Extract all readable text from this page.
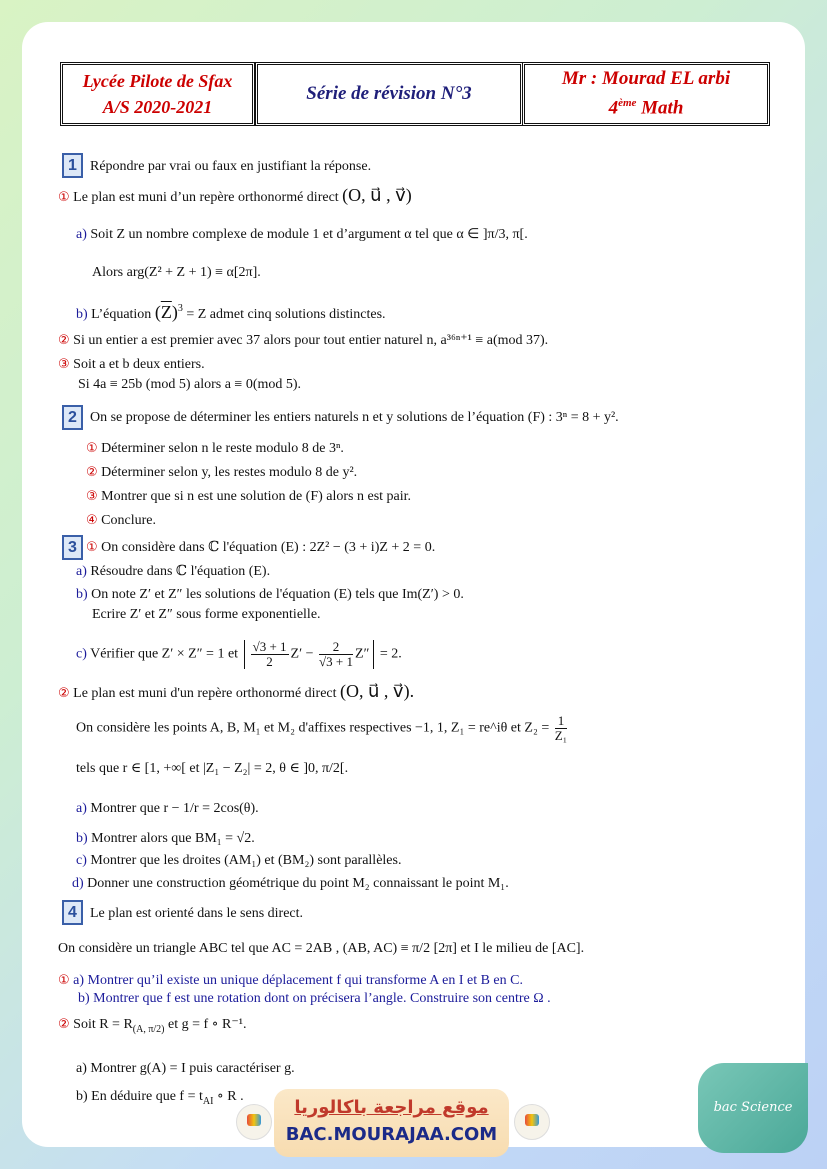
Lycée Pilote de Sfax
A/S 2020-2021
Série de révision N°3
Mr : Mourad EL arbi
4ème Math
1 Répondre par vrai ou faux en justifiant la réponse.
① Le plan est muni d’un repère orthonormé direct (O, u⃗ , v⃗)
a) Soit Z un nombre complexe de module 1 et d’argument α tel que α ∈ ]π/3, π[.
Alors arg(Z² + Z + 1) ≡ α[2π].
b) L’équation $(\overline{Z})^3 = Z$ admet cinq solutions distinctes.
② Si un entier a est premier avec 37 alors pour tout entier naturel n, a³⁶ⁿ⁺¹ ≡ a(mod 37).
③ Soit a et b deux entiers.
Si 4a ≡ 25b (mod 5) alors a ≡ 0(mod 5).
2 On se propose de déterminer les entiers naturels n et y solutions de l’équation (F) : 3ⁿ = 8 + y².
① Déterminer selon n le reste modulo 8 de 3ⁿ.
② Déterminer selon y, les restes modulo 8 de y².
③ Montrer que si n est une solution de (F) alors n est pair.
④ Conclure.
3 ① On considère dans ℂ l'équation (E) : 2Z² − (3 + i)Z + 2 = 0.
a) Résoudre dans ℂ l'équation (E).
b) On note Z′ et Z″ les solutions de l'équation (E) tels que Im(Z′) > 0.
Ecrire Z′ et Z″ sous forme exponentielle.
c) Vérifier que Z′ × Z″ = 1 et $\frac{√3 + 1}{2} Z' - \frac{2}{√3 + 1} Z'' = 2$.
② Le plan est muni d'un repère orthonormé direct (O, u⃗ , v⃗).
On considère les points A, B, M₁ et M₂ d'affixes respectives −1, 1, Z₁ = re^iθ et $Z_2 = \frac{1}{\text{Z₁}}$
tels que r ∈ [1, +∞[ et |Z₁ − Z₂| = 2, θ ∈ ]0, π/2[.
a) Montrer que r − 1/r = 2cos(θ).
b) Montrer alors que BM₁ = √2.
c) Montrer que les droites (AM₁) et (BM₂) sont parallèles.
d) Donner une construction géométrique du point M₂ connaissant le point M₁.
4 Le plan est orienté dans le sens direct.
On considère un triangle ABC tel que AC = 2AB , (AB, AC) ≡ π/2 [2π] et I le milieu de [AC].
① a) Montrer qu’il existe un unique déplacement f qui transforme A en I et B en C.
b) Montrer que f est une rotation dont on précisera l’angle. Construire son centre Ω .
② Soit $R = R_{(A, \pi/2)}$ et g = f ∘ R⁻¹.
a) Montrer g(A) = I puis caractériser g.
b) En déduire que $f = t_{AI}$ ∘ R .
موقع مراجعة باكالوريا
BAC.MOURAJAA.COM
bac Science
